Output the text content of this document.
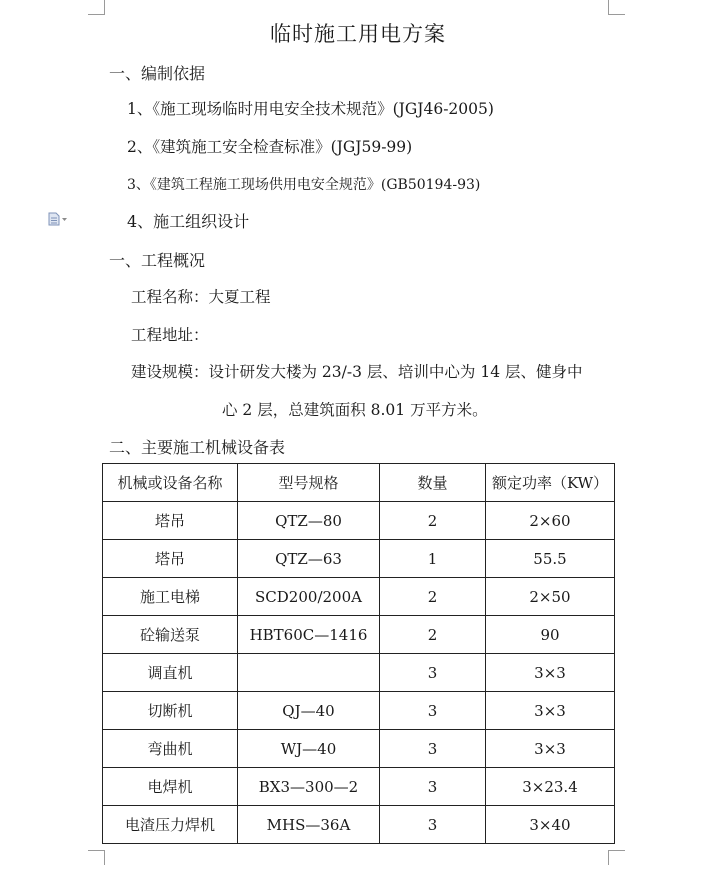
临时施工用电方案
一、编制依据
1、《施工现场临时用电安全技术规范》(JGJ46-2005)
2、《建筑施工安全检查标准》(JGJ59-99)
3、《建筑工程施工现场供用电安全规范》(GB50194-93)
4、施工组织设计
一、工程概况
工程名称：大夏工程
工程地址：
建设规模：设计研发大楼为 23/-3 层、培训中心为 14 层、健身中
心 2 层，总建筑面积 8.01 万平方米。
二、主要施工机械设备表
机械或设备名称	型号规格	数量	额定功率（KW）
塔吊	QTZ—80	2	2×60
塔吊	QTZ—63	1	55.5
施工电梯	SCD200/200A	2	2×50
砼输送泵	HBT60C—1416	2	90
调直机		3	3×3
切断机	QJ—40	3	3×3
弯曲机	WJ—40	3	3×3
电焊机	BX3—300—2	3	3×23.4
电渣压力焊机	MHS—36A	3	3×40
